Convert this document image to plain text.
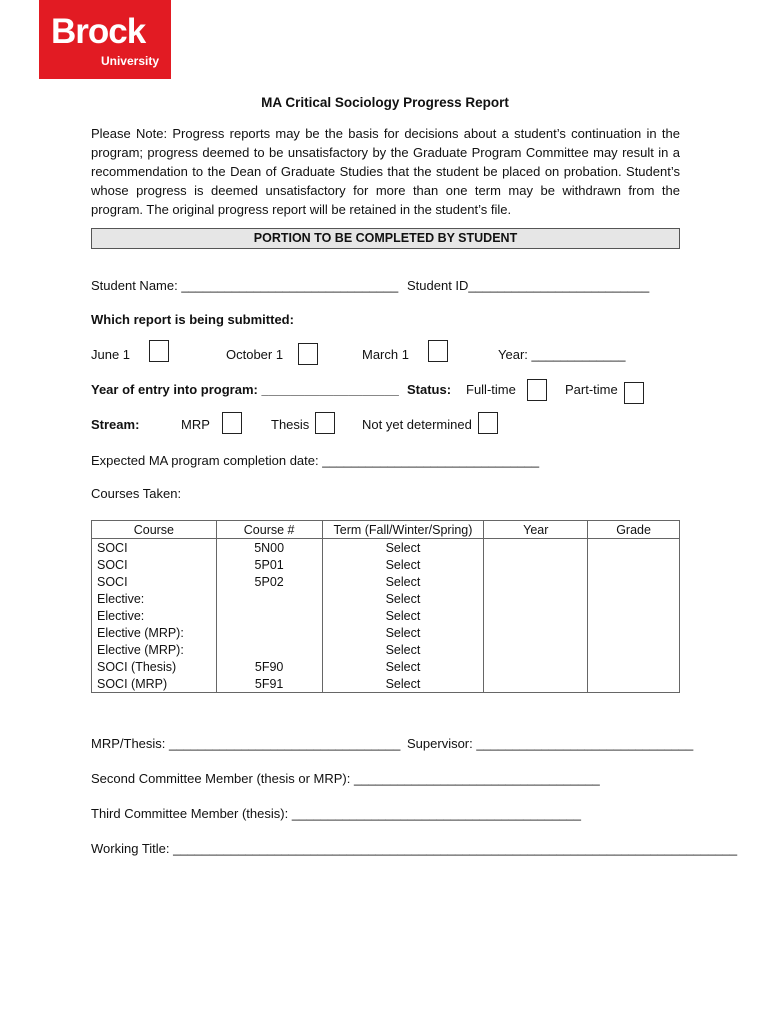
Brock
University
MA Critical Sociology Progress Report
Please Note: Progress reports may be the basis for decisions about a student’s continuation in the program; progress deemed to be unsatisfactory by the Graduate Program Committee may result in a recommendation to the Dean of Graduate Studies that the student be placed on probation. Student’s whose progress is deemed unsatisfactory for more than one term may be withdrawn from the program. The original progress report will be retained in the student’s file.
PORTION TO BE COMPLETED BY STUDENT
Student Name: ______________________________ Student ID_________________________
Which report is being submitted:
June 1	October 1	March 1	Year: _____________
Year of entry into program: ___________________ Status: Full-time	Part-time
Stream:	MRP	Thesis	Not yet determined
Expected MA program completion date: ______________________________
Courses Taken:
Course	Course #	Term (Fall/Winter/Spring)	Year	Grade
SOCI	5N00	Select		
SOCI	5P01	Select		
SOCI	5P02	Select		
Elective:		Select		
Elective:		Select		
Elective (MRP):		Select		
Elective (MRP):		Select		
SOCI (Thesis)	5F90	Select		
SOCI (MRP)	5F91	Select		
MRP/Thesis: ________________________________ Supervisor: ______________________________
Second Committee Member (thesis or MRP): __________________________________
Third Committee Member (thesis): ________________________________________
Working Title: ______________________________________________________________________________
